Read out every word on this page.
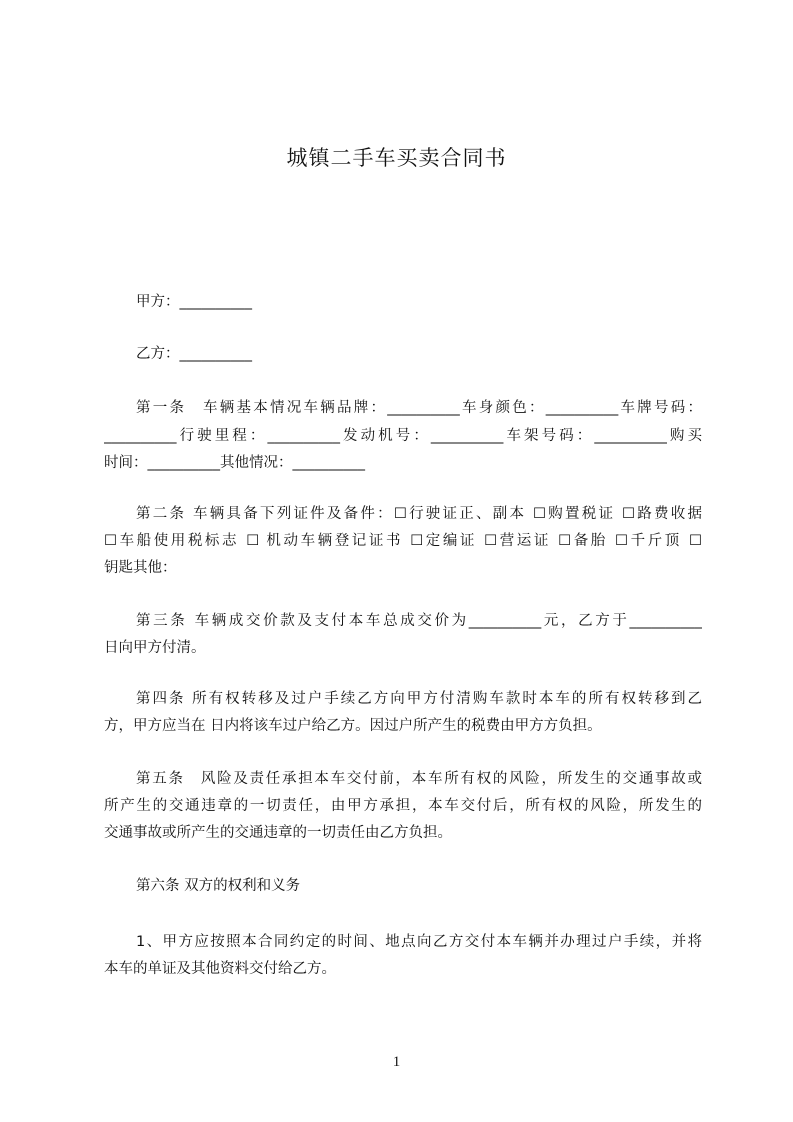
城镇二手车买卖合同书

甲方：__________

乙方：__________

第一条　车辆基本情况车辆品牌：__________车身颜色：__________车牌号码：

__________行驶里程：__________发动机号：__________车架号码：__________购买

时间：__________其他情况：__________

第二条 车辆具备下列证件及备件：☐行驶证正、副本 ☐购置税证 ☐路费收据

☐车船使用税标志 ☐ 机动车辆登记证书 ☐定编证 ☐营运证 ☐备胎 ☐千斤顶 ☐

钥匙其他：

第三条 车辆成交价款及支付本车总成交价为__________元，乙方于__________

日向甲方付清。

第四条 所有权转移及过户手续乙方向甲方付清购车款时本车的所有权转移到乙

方，甲方应当在 日内将该车过户给乙方。因过户所产生的税费由甲方方负担。

第五条　风险及责任承担本车交付前，本车所有权的风险，所发生的交通事故或

所产生的交通违章的一切责任，由甲方承担，本车交付后，所有权的风险，所发生的

交通事故或所产生的交通违章的一切责任由乙方负担。

第六条 双方的权利和义务

1、甲方应按照本合同约定的时间、地点向乙方交付本车辆并办理过户手续，并将

本车的单证及其他资料交付给乙方。

1
